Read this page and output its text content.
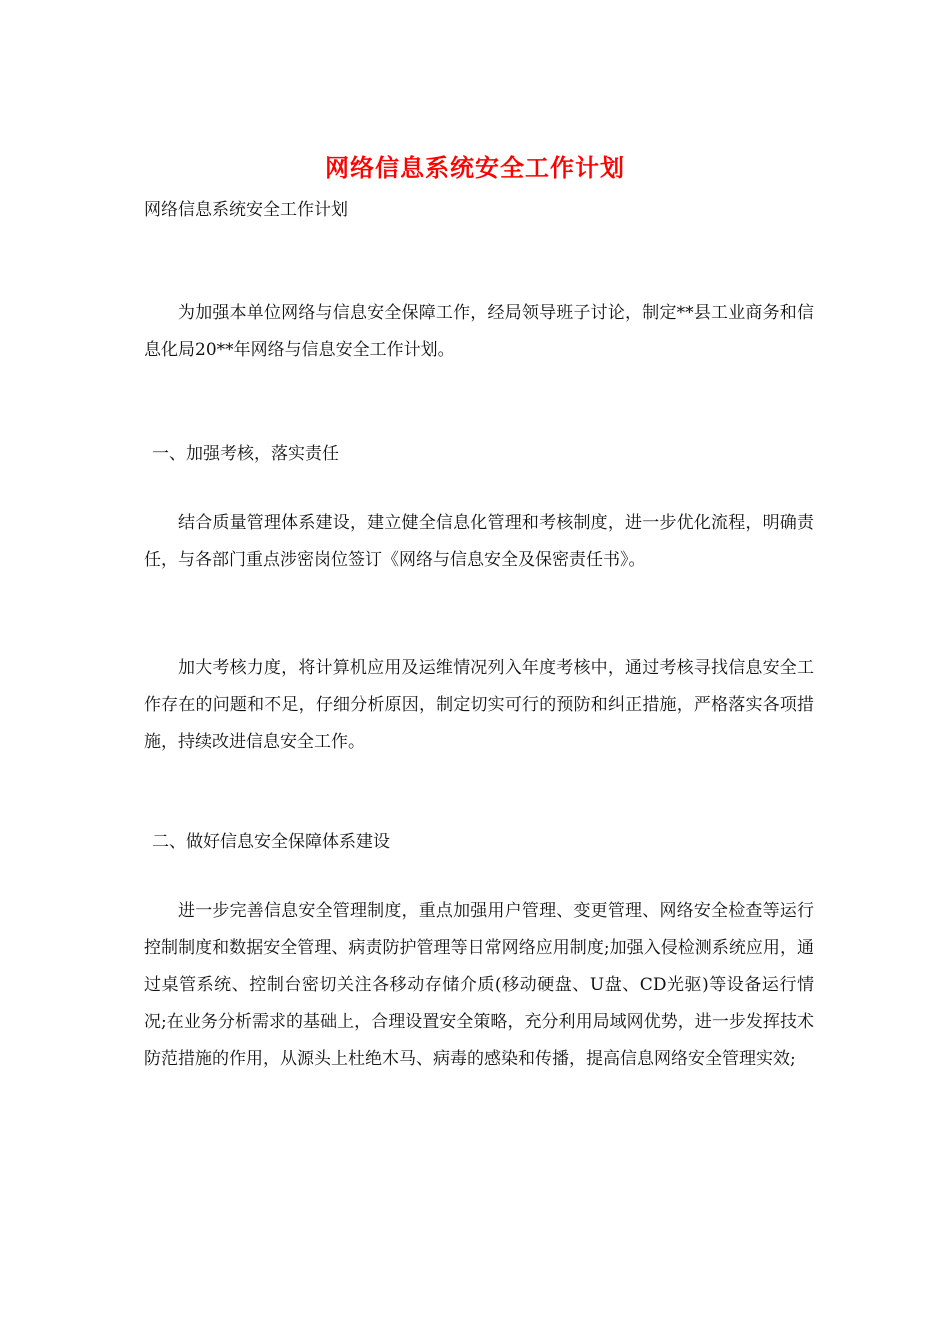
网络信息系统安全工作计划
网络信息系统安全工作计划
为加强本单位网络与信息安全保障工作，经局领导班子讨论，制定**县工业商务和信息化局20**年网络与信息安全工作计划。
一、加强考核，落实责任
结合质量管理体系建设，建立健全信息化管理和考核制度，进一步优化流程，明确责任，与各部门重点涉密岗位签订《网络与信息安全及保密责任书》。
加大考核力度，将计算机应用及运维情况列入年度考核中，通过考核寻找信息安全工作存在的问题和不足，仔细分析原因，制定切实可行的预防和纠正措施，严格落实各项措施，持续改进信息安全工作。
二、做好信息安全保障体系建设
进一步完善信息安全管理制度，重点加强用户管理、变更管理、网络安全检查等运行控制制度和数据安全管理、病责防护管理等日常网络应用制度;加强入侵检测系统应用，通过桌管系统、控制台密切关注各移动存储介质(移动硬盘、U盘、CD光驱)等设备运行情况;在业务分析需求的基础上，合理设置安全策略，充分利用局域网优势，进一步发挥技术防范措施的作用，从源头上杜绝木马、病毒的感染和传播，提高信息网络安全管理实效;
